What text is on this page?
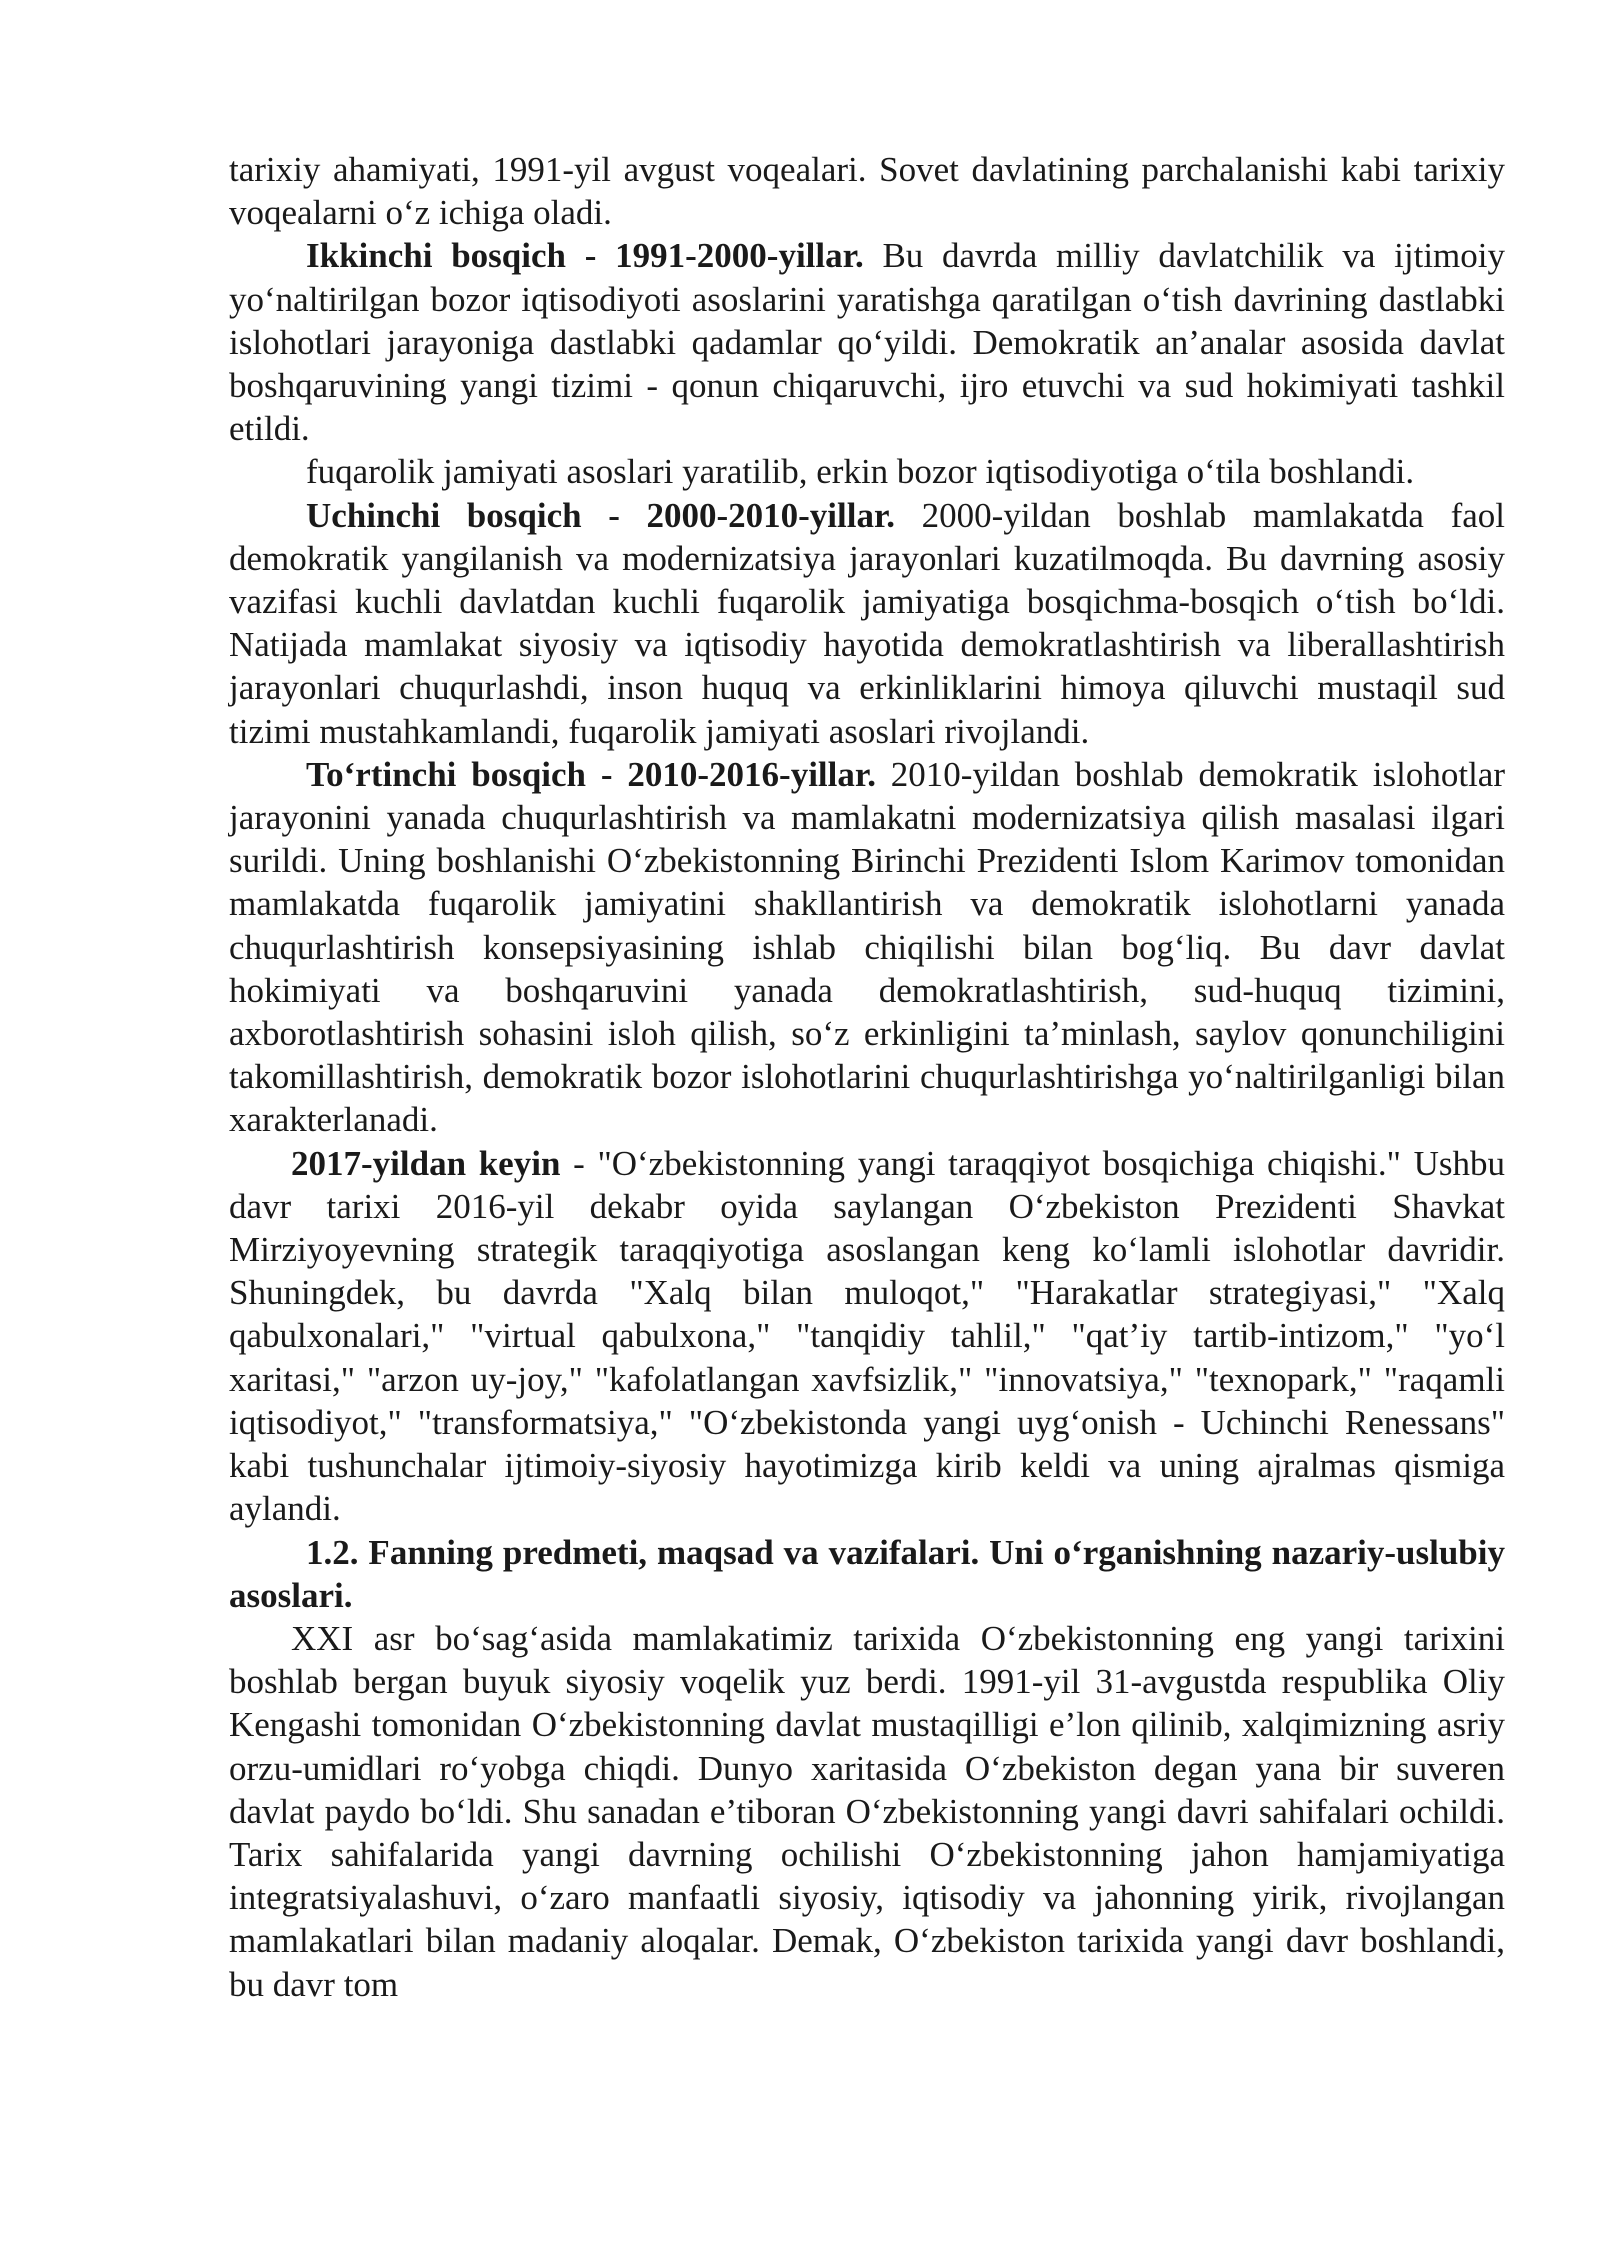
tarixiy ahamiyati, 1991-yil avgust voqealari. Sovet davlatining parchalanishi kabi tarixiy voqealarni o‘z ichiga oladi.

Ikkinchi bosqich - 1991-2000-yillar. Bu davrda milliy davlatchilik va ijtimoiy yo‘naltirilgan bozor iqtisodiyoti asoslarini yaratishga qaratilgan o‘tish davrining dastlabki islohotlari jarayoniga dastlabki qadamlar qo‘yildi. Demokratik an’analar asosida davlat boshqaruvining yangi tizimi - qonun chiqaruvchi, ijro etuvchi va sud hokimiyati tashkil etildi.

fuqarolik jamiyati asoslari yaratilib, erkin bozor iqtisodiyotiga o‘tila boshlandi.

Uchinchi bosqich - 2000-2010-yillar. 2000-yildan boshlab mamlakatda faol demokratik yangilanish va modernizatsiya jarayonlari kuzatilmoqda. Bu davrning asosiy vazifasi kuchli davlatdan kuchli fuqarolik jamiyatiga bosqichma-bosqich o‘tish bo‘ldi. Natijada mamlakat siyosiy va iqtisodiy hayotida demokratlashtirish va liberallashtirish jarayonlari chuqurlashdi, inson huquq va erkinliklarini himoya qiluvchi mustaqil sud tizimi mustahkamlandi, fuqarolik jamiyati asoslari rivojlandi.

To‘rtinchi bosqich - 2010-2016-yillar. 2010-yildan boshlab demokratik islohotlar jarayonini yanada chuqurlashtirish va mamlakatni modernizatsiya qilish masalasi ilgari surildi. Uning boshlanishi O‘zbekistonning Birinchi Prezidenti Islom Karimov tomonidan mamlakatda fuqarolik jamiyatini shakllantirish va demokratik islohotlarni yanada chuqurlashtirish konsepsiyasining ishlab chiqilishi bilan bog‘liq. Bu davr davlat hokimiyati va boshqaruvini yanada demokratlashtirish, sud-huquq tizimini, axborotlashtirish sohasini isloh qilish, so‘z erkinligini ta’minlash, saylov qonunchiligini takomillashtirish, demokratik bozor islohotlarini chuqurlashtirishga yo‘naltirilganligi bilan xarakterlanadi.

2017-yildan keyin - "O‘zbekistonning yangi taraqqiyot bosqichiga chiqishi." Ushbu davr tarixi 2016-yil dekabr oyida saylangan O‘zbekiston Prezidenti Shavkat Mirziyoyevning strategik taraqqiyotiga asoslangan keng ko‘lamli islohotlar davridir. Shuningdek, bu davrda "Xalq bilan muloqot," "Harakatlar strategiyasi," "Xalq qabulxonalari," "virtual qabulxona," "tanqidiy tahlil," "qat’iy tartib-intizom," "yo‘l xaritasi," "arzon uy-joy," "kafolatlangan xavfsizlik," "innovatsiya," "texnopark," "raqamli iqtisodiyot," "transformatsiya," "O‘zbekistonda yangi uyg‘onish - Uchinchi Renessans" kabi tushunchalar ijtimoiy-siyosiy hayotimizga kirib keldi va uning ajralmas qismiga aylandi.

1.2. Fanning predmeti, maqsad va vazifalari. Uni o‘rganishning nazariy-uslubiy asoslari.

XXI asr bo‘sag‘asida mamlakatimiz tarixida O‘zbekistonning eng yangi tarixini boshlab bergan buyuk siyosiy voqelik yuz berdi. 1991-yil 31-avgustda respublika Oliy Kengashi tomonidan O‘zbekistonning davlat mustaqilligi e’lon qilinib, xalqimizning asriy orzu-umidlari ro‘yobga chiqdi. Dunyo xaritasida O‘zbekiston degan yana bir suveren davlat paydo bo‘ldi. Shu sanadan e’tiboran O‘zbekistonning yangi davri sahifalari ochildi. Tarix sahifalarida yangi davrning ochilishi O‘zbekistonning jahon hamjamiyatiga integratsiyalashuvi, o‘zaro manfaatli siyosiy, iqtisodiy va jahonning yirik, rivojlangan mamlakatlari bilan madaniy aloqalar. Demak, O‘zbekiston tarixida yangi davr boshlandi, bu davr tom
